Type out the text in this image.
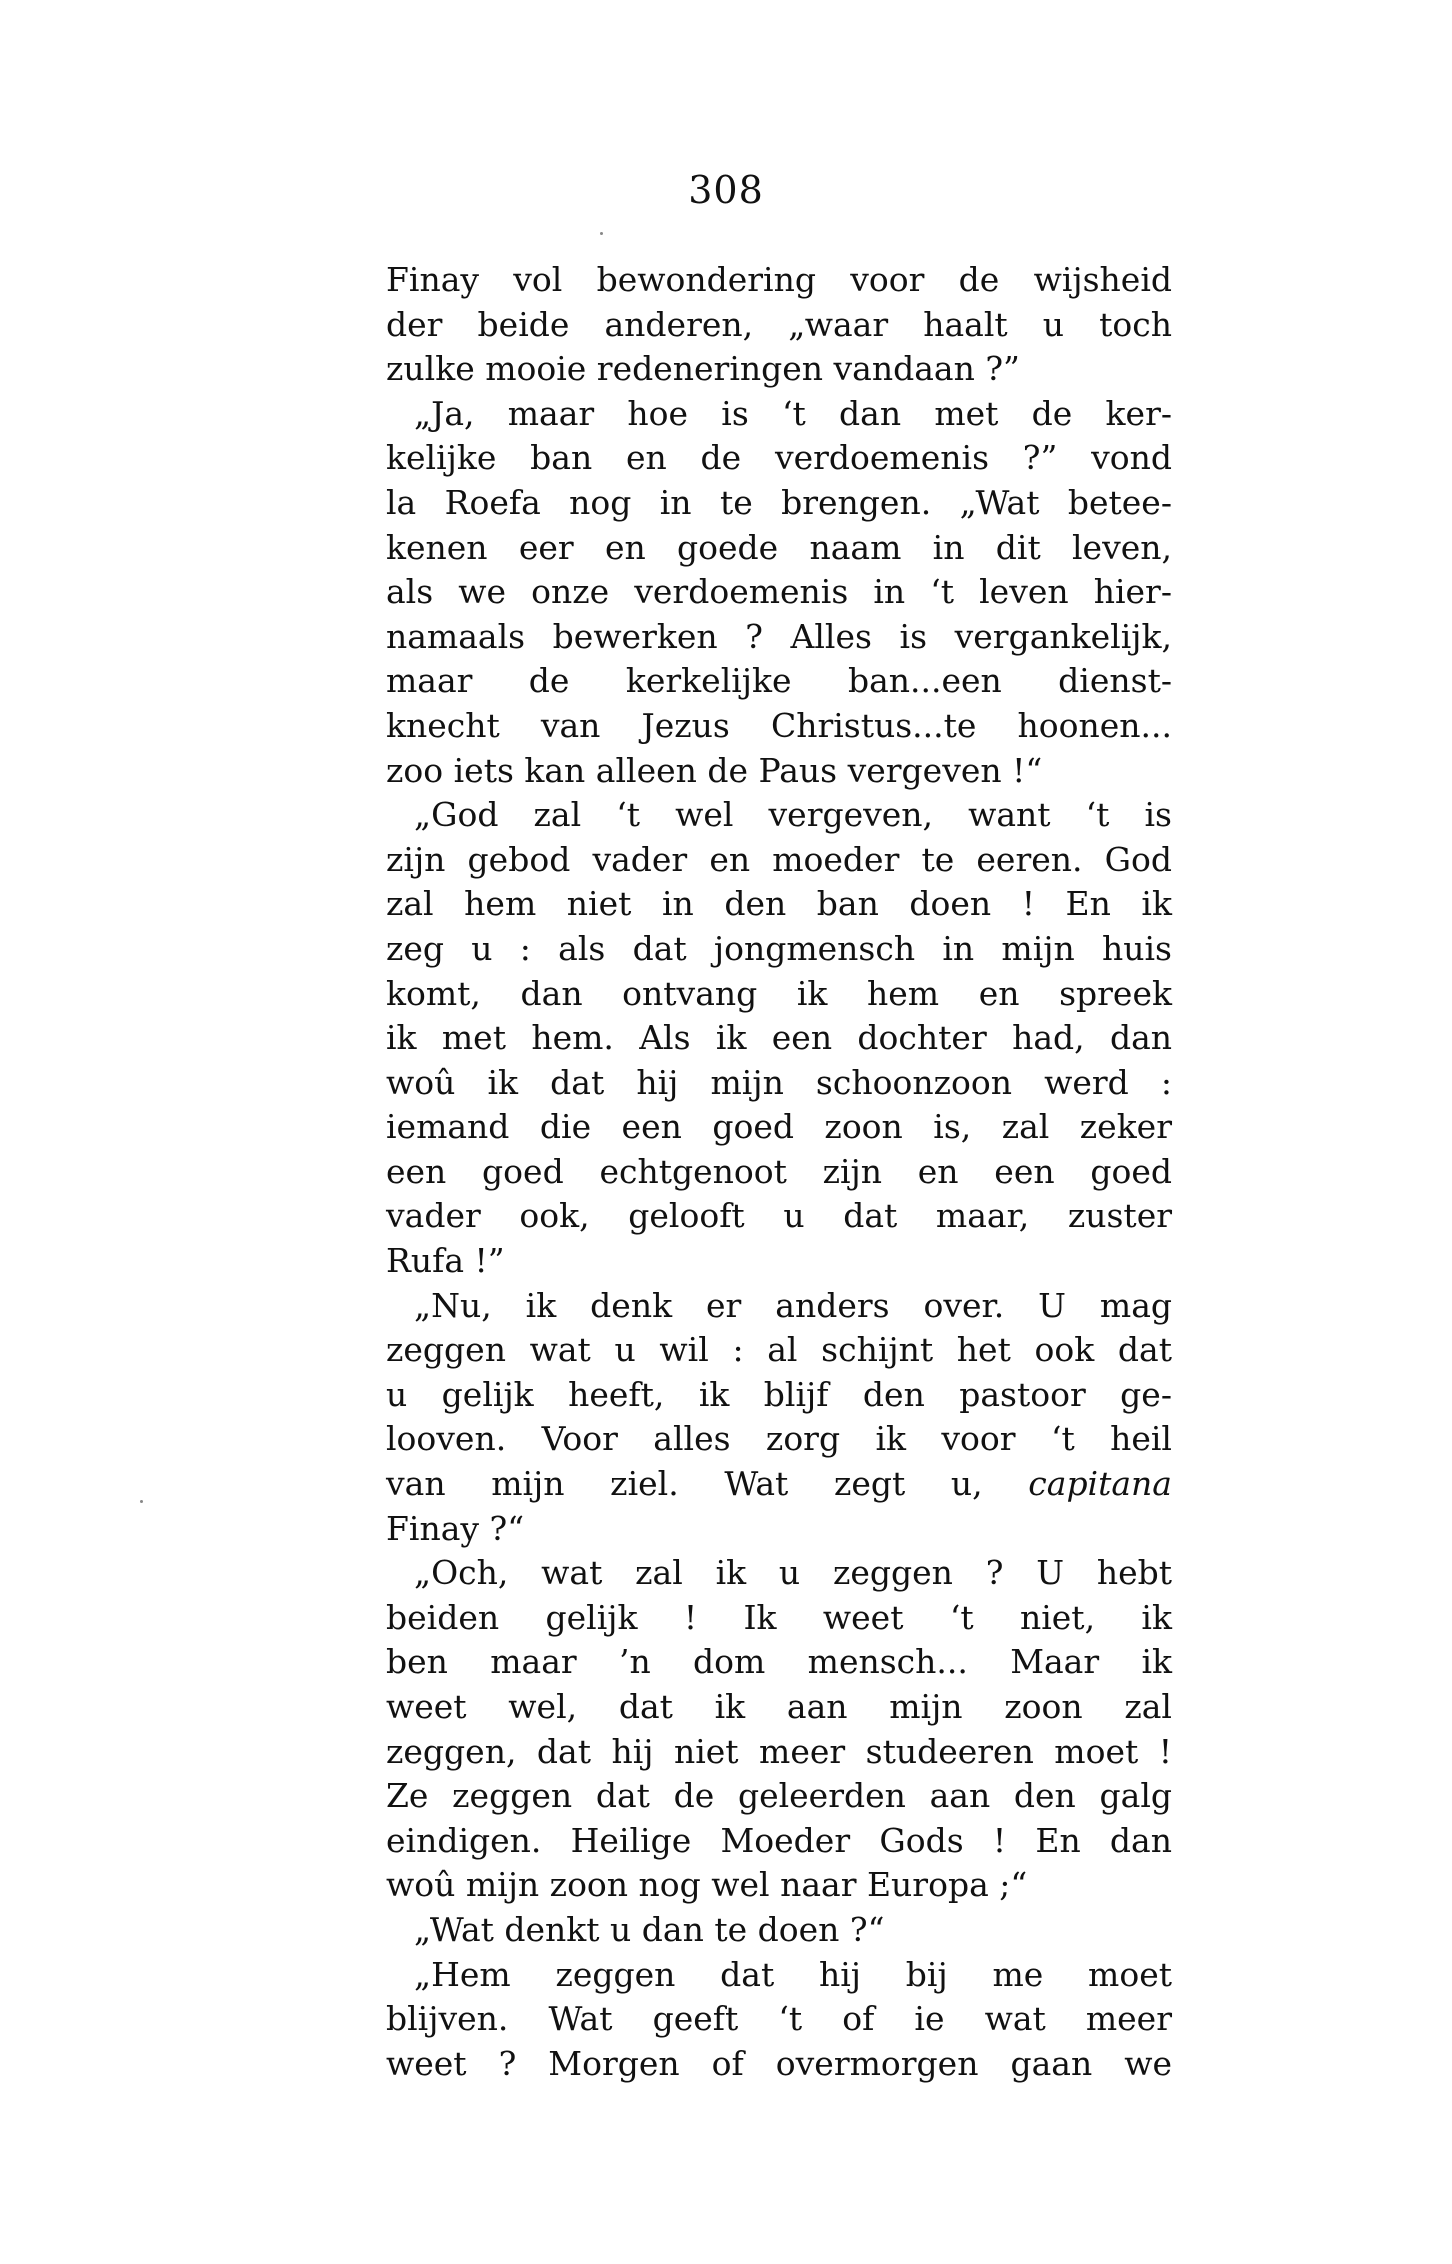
308
Finay vol bewondering voor de wijsheid
der beide anderen, „waar haalt u toch
zulke mooie redeneringen vandaan ?”
„Ja, maar hoe is ‘t dan met de ker-
kelijke ban en de verdoemenis ?” vond
la Roefa nog in te brengen. „Wat betee-
kenen eer en goede naam in dit leven,
als we onze verdoemenis in ‘t leven hier-
namaals bewerken ? Alles is vergankelijk,
maar de kerkelijke ban...een dienst-
knecht van Jezus Christus...te hoonen...
zoo iets kan alleen de Paus vergeven !“
„God zal ‘t wel vergeven, want ‘t is
zijn gebod vader en moeder te eeren. God
zal hem niet in den ban doen ! En ik
zeg u : als dat jongmensch in mijn huis
komt, dan ontvang ik hem en spreek
ik met hem. Als ik een dochter had, dan
woû ik dat hij mijn schoonzoon werd :
iemand die een goed zoon is, zal zeker
een goed echtgenoot zijn en een goed
vader ook, gelooft u dat maar, zuster
Rufa !”
„Nu, ik denk er anders over. U mag
zeggen wat u wil : al schijnt het ook dat
u gelijk heeft, ik blijf den pastoor ge-
looven. Voor alles zorg ik voor ‘t heil
van mijn ziel. Wat zegt u, capitana
Finay ?“
„Och, wat zal ik u zeggen ? U hebt
beiden gelijk ! Ik weet ‘t niet, ik
ben maar ’n dom mensch... Maar ik
weet wel, dat ik aan mijn zoon zal
zeggen, dat hij niet meer studeeren moet !
Ze zeggen dat de geleerden aan den galg
eindigen. Heilige Moeder Gods ! En dan
woû mijn zoon nog wel naar Europa ;“
„Wat denkt u dan te doen ?“
„Hem zeggen dat hij bij me moet
blijven. Wat geeft ‘t of ie wat meer
weet ? Morgen of overmorgen gaan we
